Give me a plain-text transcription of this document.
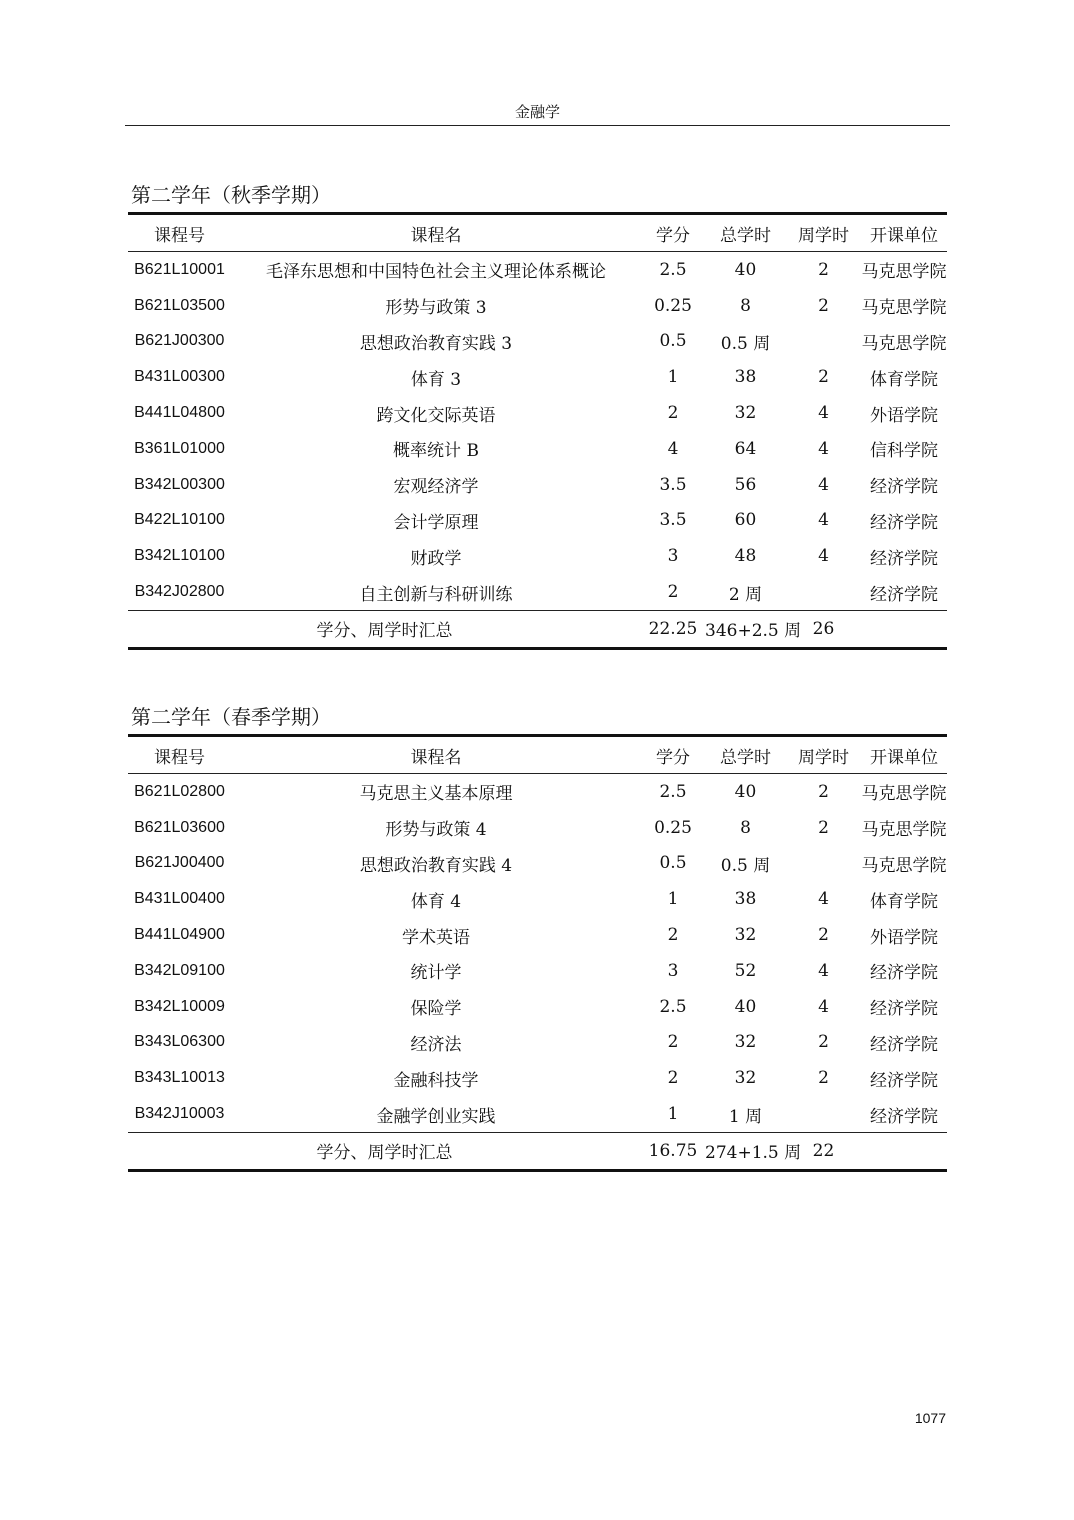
金融学
第二学年（秋季学期）
课程号	课程名	学分	总学时	周学时	开课单位
B621L10001	毛泽东思想和中国特色社会主义理论体系概论	2.5	40	2	马克思学院
B621L03500	形势与政策 3	0.25	8	2	马克思学院
B621J00300	思想政治教育实践 3	0.5	0.5 周		马克思学院
B431L00300	体育 3	1	38	2	体育学院
B441L04800	跨文化交际英语	2	32	4	外语学院
B361L01000	概率统计 B	4	64	4	信科学院
B342L00300	宏观经济学	3.5	56	4	经济学院
B422L10100	会计学原理	3.5	60	4	经济学院
B342L10100	财政学	3	48	4	经济学院
B342J02800	自主创新与科研训练	2	2 周		经济学院
学分、周学时汇总		22.25	346+2.5 周	26	
第二学年（春季学期）
课程号	课程名	学分	总学时	周学时	开课单位
B621L02800	马克思主义基本原理	2.5	40	2	马克思学院
B621L03600	形势与政策 4	0.25	8	2	马克思学院
B621J00400	思想政治教育实践 4	0.5	0.5 周		马克思学院
B431L00400	体育 4	1	38	4	体育学院
B441L04900	学术英语	2	32	2	外语学院
B342L09100	统计学	3	52	4	经济学院
B342L10009	保险学	2.5	40	4	经济学院
B343L06300	经济法	2	32	2	经济学院
B343L10013	金融科技学	2	32	2	经济学院
B342J10003	金融学创业实践	1	1 周		经济学院
学分、周学时汇总		16.75	274+1.5 周	22	
1077
